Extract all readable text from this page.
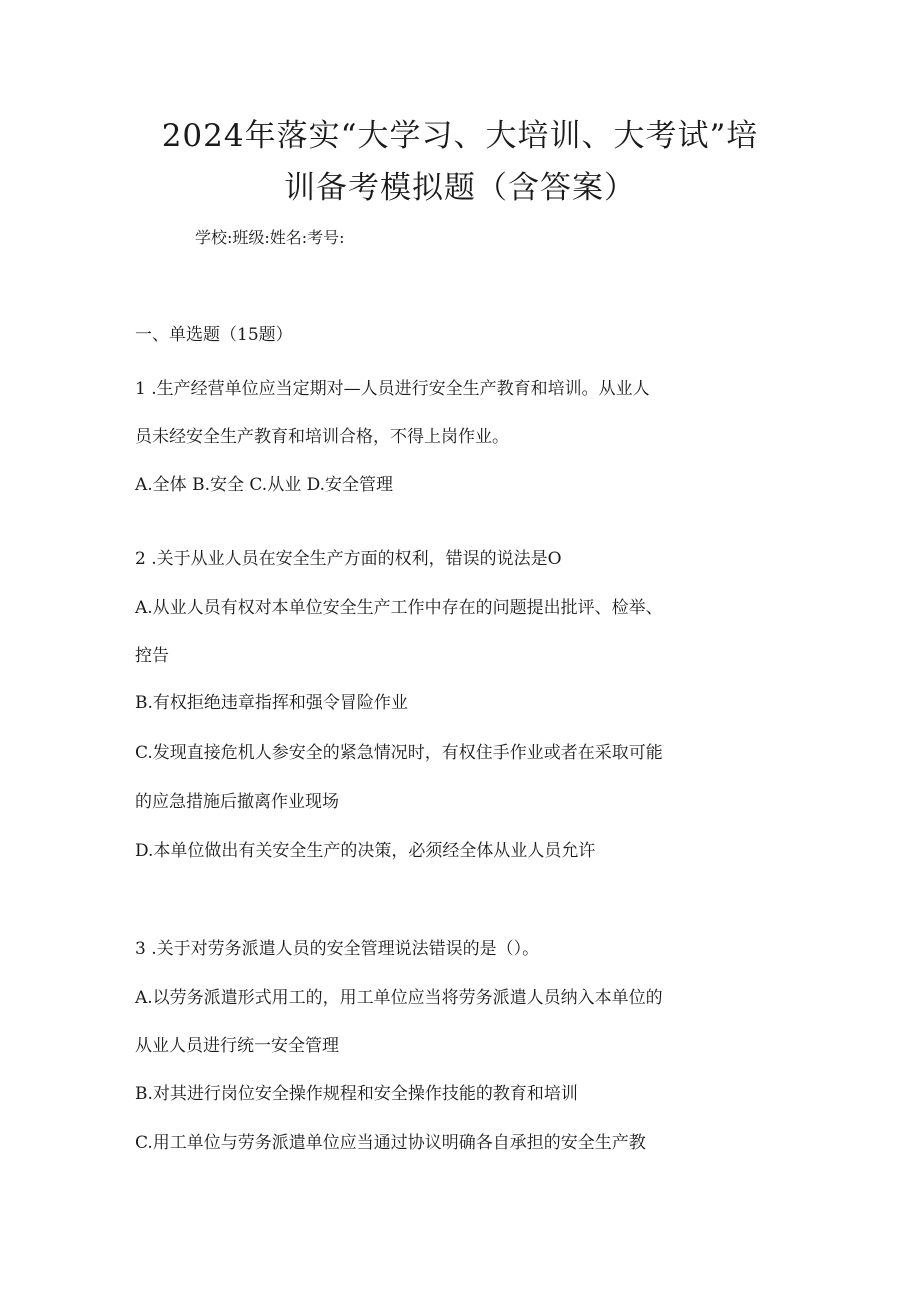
2024年落实“大学习、大培训、大考试”培
训备考模拟题（含答案）
学校:班级:姓名:考号:
一、单选题（15题）
1 .生产经营单位应当定期对—人员进行安全生产教育和培训。从业人
员未经安全生产教育和培训合格，不得上岗作业。
A.全体 B.安全 C.从业 D.安全管理
2 .关于从业人员在安全生产方面的权利，错误的说法是O
A.从业人员有权对本单位安全生产工作中存在的问题提出批评、检举、
控告
B.有权拒绝违章指挥和强令冒险作业
C.发现直接危机人参安全的紧急情况时，有权住手作业或者在采取可能
的应急措施后撤离作业现场
D.本单位做出有关安全生产的决策，必须经全体从业人员允许
3 .关于对劳务派遣人员的安全管理说法错误的是（）。
A.以劳务派遣形式用工的，用工单位应当将劳务派遣人员纳入本单位的
从业人员进行统一安全管理
B.对其进行岗位安全操作规程和安全操作技能的教育和培训
C.用工单位与劳务派遣单位应当通过协议明确各自承担的安全生产教
